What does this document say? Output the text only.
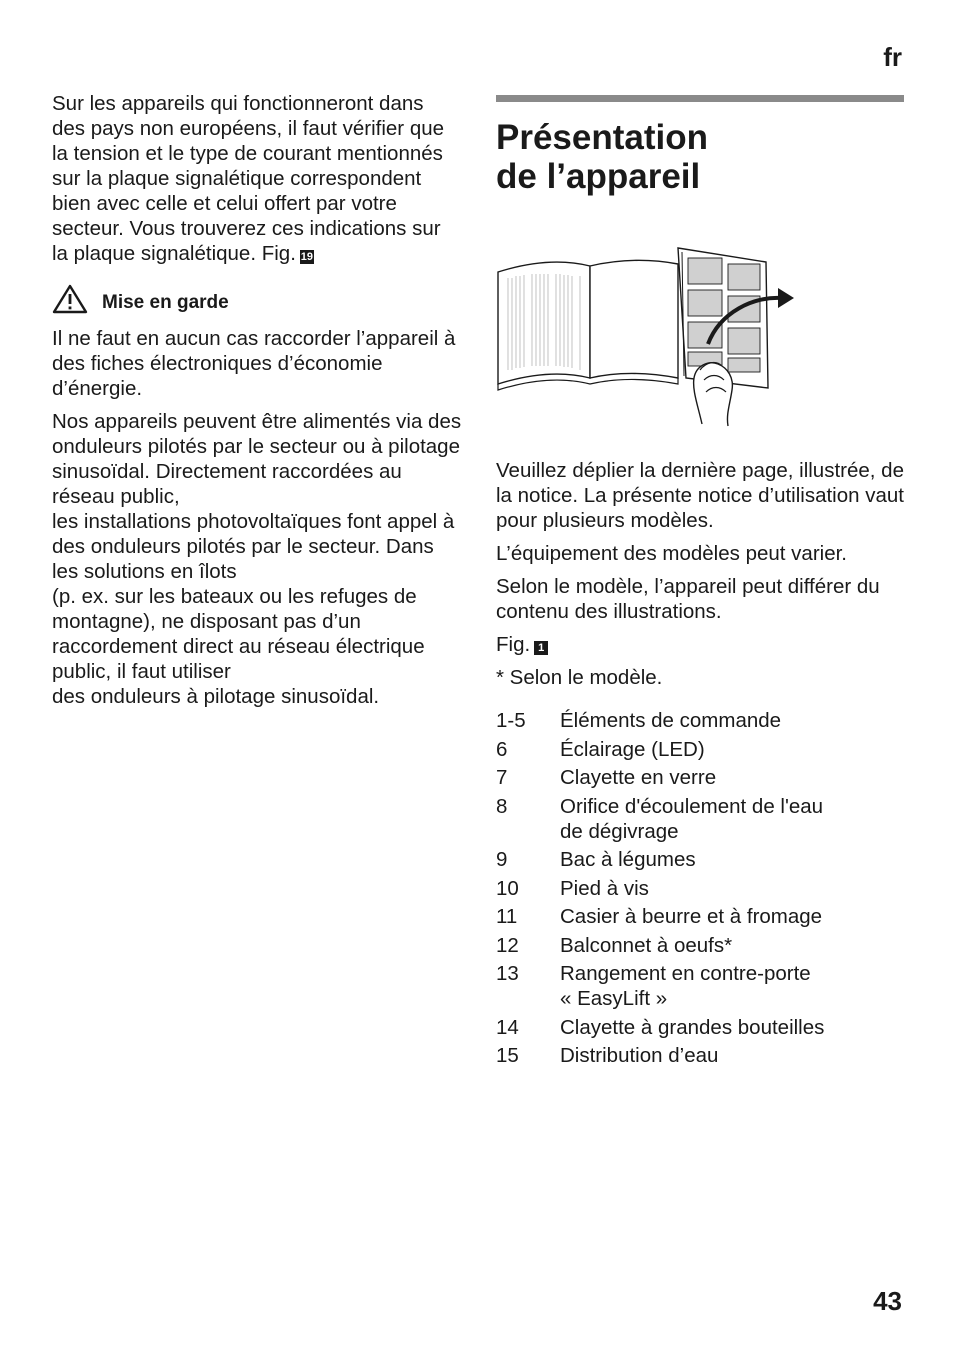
fr

Sur les appareils qui fonctionneront dans des pays non européens, il faut vérifier que la tension et le type de courant mentionnés sur la plaque signalétique correspondent bien avec celle et celui offert par votre secteur. Vous trouverez ces indications sur la plaque signalétique. Fig. 19

Mise en garde

Il ne faut en aucun cas raccorder l’appareil à des fiches électroniques d’économie d’énergie.

Nos appareils peuvent être alimentés via des onduleurs pilotés par le secteur ou à pilotage sinusoïdal. Directement raccordées au réseau public,
les installations photovoltaïques font appel à des onduleurs pilotés par le secteur. Dans les solutions en îlots
(p. ex. sur les bateaux ou les refuges de montagne), ne disposant pas d’un raccordement direct au réseau électrique public, il faut utiliser
des onduleurs à pilotage sinusoïdal.

Présentation
de l’appareil

Veuillez déplier la dernière page, illustrée, de la notice. La présente notice d’utilisation vaut pour plusieurs modèles.

L’équipement des modèles peut varier.

Selon le modèle, l’appareil peut différer du contenu des illustrations.

Fig. 1

* Selon le modèle.

1-5	Éléments de commande
6	Éclairage (LED)
7	Clayette en verre
8	Orifice d'écoulement de l'eau
de dégivrage
9	Bac à légumes
10	Pied à vis
11	Casier à beurre et à fromage
12	Balconnet à oeufs*
13	Rangement en contre-porte
« EasyLift »
14	Clayette à grandes bouteilles
15	Distribution d’eau
43
